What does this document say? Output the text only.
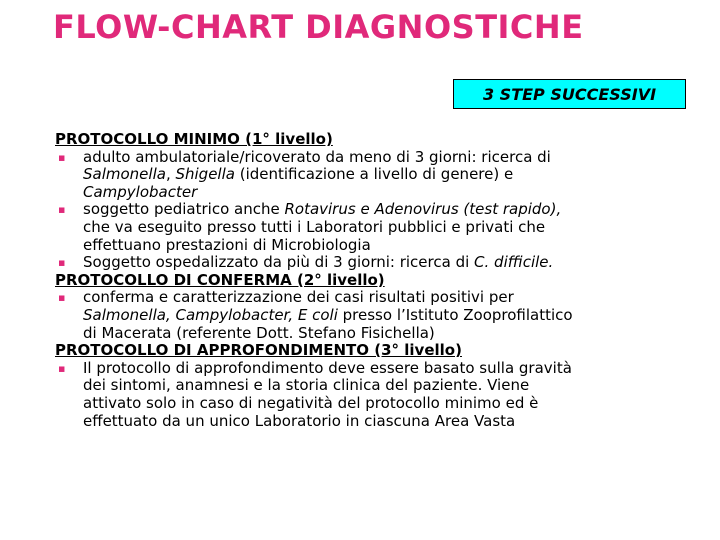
FLOW-CHART DIAGNOSTICHE
3 STEP SUCCESSIVI
PROTOCOLLO MINIMO (1° livello)
▪ adulto ambulatoriale/ricoverato da meno di 3 giorni: ricerca di
Salmonella, Shigella (identificazione a livello di genere) e
Campylobacter
▪ soggetto pediatrico anche Rotavirus e Adenovirus (test rapido),
che va eseguito presso tutti i Laboratori pubblici e privati che
effettuano prestazioni di Microbiologia
▪ Soggetto ospedalizzato da più di 3 giorni: ricerca di C. difficile.
PROTOCOLLO DI CONFERMA (2° livello)
▪ conferma e caratterizzazione dei casi risultati positivi per
Salmonella, Campylobacter, E coli presso l’Istituto Zooprofilattico
di Macerata (referente Dott. Stefano Fisichella)
PROTOCOLLO DI APPROFONDIMENTO (3° livello)
▪ Il protocollo di approfondimento deve essere basato sulla gravità
dei sintomi, anamnesi e la storia clinica del paziente. Viene
attivato solo in caso di negatività del protocollo minimo ed è
effettuato da un unico Laboratorio in ciascuna Area Vasta
